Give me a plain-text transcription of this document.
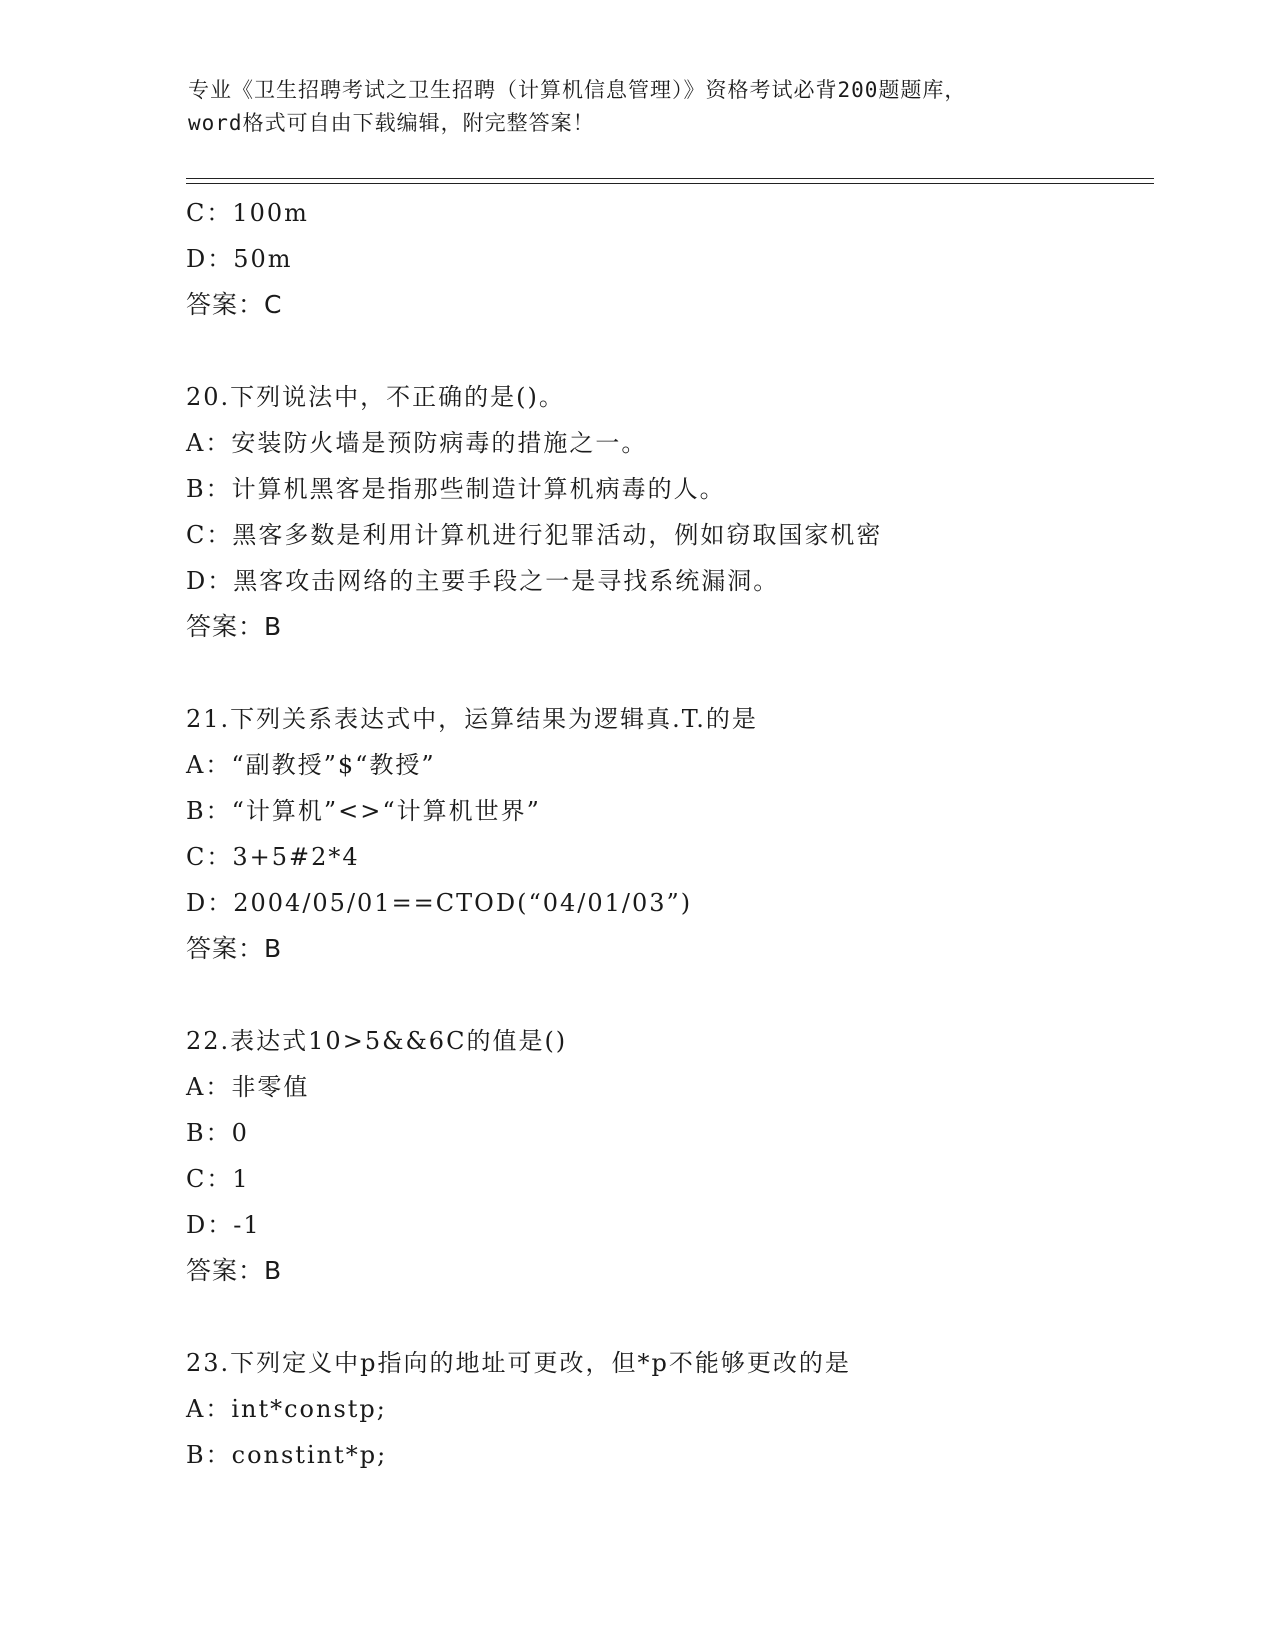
专业《卫生招聘考试之卫生招聘（计算机信息管理）》资格考试必背200题题库，
word格式可自由下载编辑，附完整答案！
C：100m
D：50m
答案：C
20.下列说法中，不正确的是()。
A：安装防火墙是预防病毒的措施之一。
B：计算机黑客是指那些制造计算机病毒的人。
C：黑客多数是利用计算机进行犯罪活动，例如窃取国家机密
D：黑客攻击网络的主要手段之一是寻找系统漏洞。
答案：B
21.下列关系表达式中，运算结果为逻辑真.T.的是
A：“副教授”$“教授”
B：“计算机”<>“计算机世界”
C：3+5#2*4
D：2004/05/01==CTOD(“04/01/03”)
答案：B
22.表达式10>5&&6C的值是()
A：非零值
B：0
C：1
D：-1
答案：B
23.下列定义中p指向的地址可更改，但*p不能够更改的是
A：int*constp;
B：constint*p;
